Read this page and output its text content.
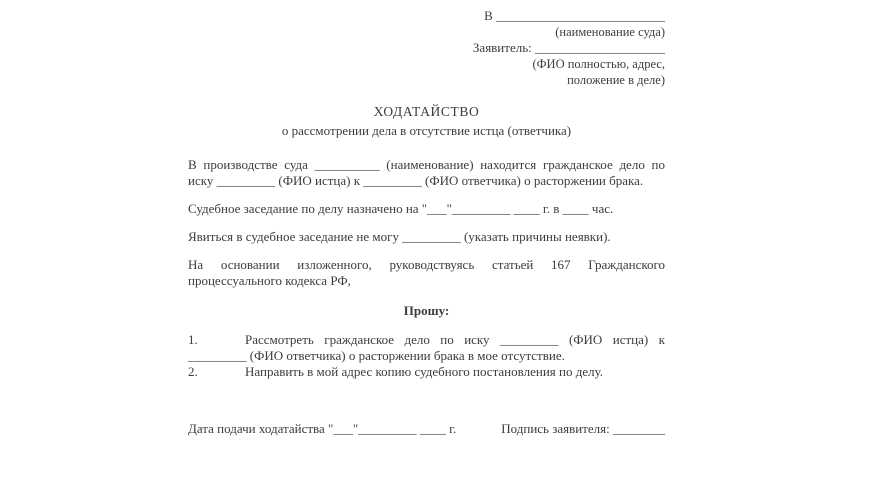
В __________________________
(наименование суда)
Заявитель: ____________________
(ФИО полностью, адрес,
положение в деле)
ХОДАТАЙСТВО
о рассмотрении дела в отсутствие истца (ответчика)

В производстве суда __________ (наименование) находится гражданское дело по иску _________ (ФИО истца) к _________ (ФИО ответчика) о расторжении брака.

Судебное заседание по делу назначено на "___"_________ ____ г. в ____ час.

Явиться в судебное заседание не могу _________ (указать причины неявки).

На основании изложенного, руководствуясь статьей 167 Гражданского процессуального кодекса РФ,

Прошу:

1.	Рассмотреть гражданское дело по иску _________ (ФИО истца) к _________ (ФИО ответчика) о расторжении брака в мое отсутствие.

2.	Направить в мой адрес копию судебного постановления по делу.

Дата подачи ходатайства "___"_________ ____ г.	Подпись заявителя: ________
